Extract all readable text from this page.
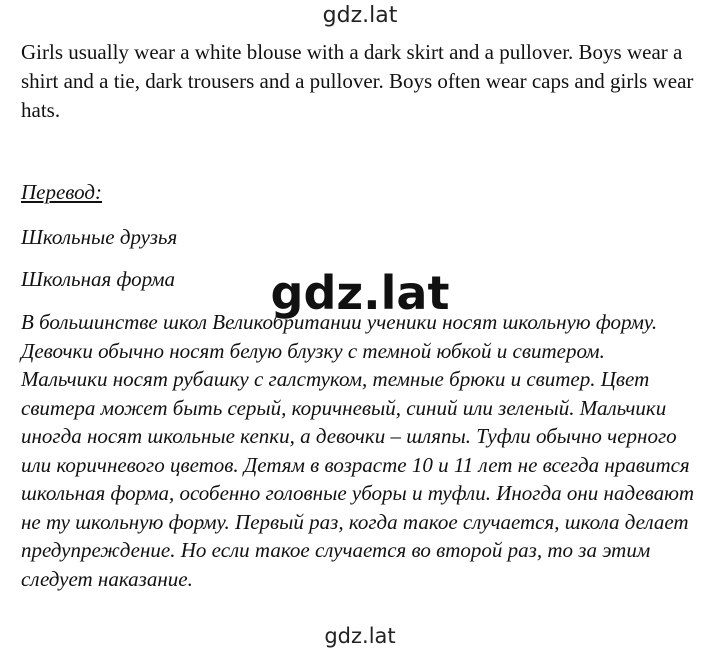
gdz.lat

Girls usually wear a white blouse with a dark skirt and a pullover. Boys wear a shirt and a tie, dark trousers and a pullover. Boys often wear caps and girls wear hats.

Перевод:
Школьные друзья
Школьная форма
В большинстве школ Великобритании ученики носят школьную форму.
Девочки обычно носят белую блузку с темной юбкой и свитером.
Мальчики носят рубашку с галстуком, темные брюки и свитер. Цвет
свитера может быть серый, коричневый, синий или зеленый. Мальчики
иногда носят школьные кепки, а девочки – шляпы. Туфли обычно черного
или коричневого цветов. Детям в возрасте 10 и 11 лет не всегда нравится
школьная форма, особенно головные уборы и туфли. Иногда они надевают
не ту школьную форму. Первый раз, когда такое случается, школа делает
предупреждение. Но если такое случается во второй раз, то за этим
следует наказание.
gdz.lat
gdz.lat
